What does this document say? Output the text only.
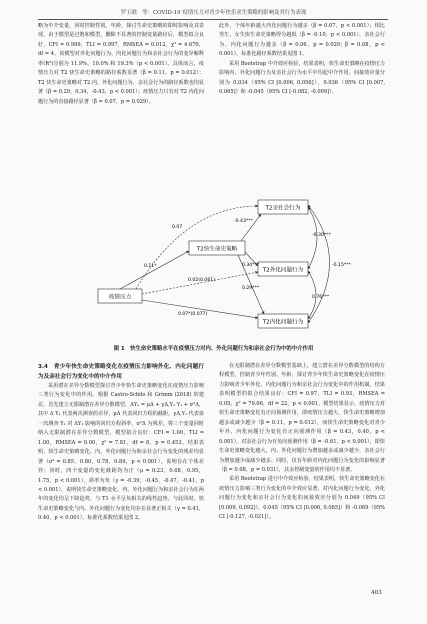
罗玉晗　等：COVID-19 疫情压力对青少年快乐求生策略的影响及其行为表现

略为中介变量，同时控制性别、年龄，探讨生命史策略的即时影响及其表现。由于模型是过饱和模型，删除不显著的控制变量路径后，模型拟合良好，CFI = 0.999，TLI = 0.997，RMSEA = 0.012，χ² = 4.670，df = 4，该模型对外化问题行为、内化问题行为和亲社会行为的变异解释率(R²)分别为 11.9%、10.0% 和 19.3%（p < 0.001）。具体而言，疫情压力对 T2 快生命史策略的路径系数显著（β = 0.11，p = 0.012）；T2 快生命史策略对 T2 内、外化问题行为、亲社会行为的路径系数也均显著（β = 0.29，0.34，-0.43，p < 0.001）；疫情压力只有对 T2 内化问题行为的直接路径显著（β = 0.07，p = 0.029）。

此外，个体年龄越大内化问题行为越多（β = 0.07，p < 0.001）；相比男生，女生快生命史策略得分越低（β = -0.10，p < 0.001），亲社会行为、内化问题行为越多（β = 0.06，p = 0.029；β = 0.08，p < 0.001），标准化路径系数结果见图 1。

采用 Bootstrap 中介效应检验，结果表明，快生命史策略在疫情压力影响内、外化问题行为及亲社会行为水平中均起中介作用，间接效应量分别为 0.034（95% CI [0.006, 0.056]），0.036（95% CI [0.007, 0.065]）和 -0.045（95% CI [-0.082, -0.009]）。

疫情压力
T2快生命史策略
T2亲社会行为
T2外化问题行为
T2内化问题行为
0.11*
-0.43***
0.34***
0.29***
0.07*(0.077)
0.02(0.061)
0.07
-0.30***
0.76***
-0.15***
图 1　快生命史策略水平在疫情压力对内、外化问题行为和亲社会行为中的中介作用

3.4　青少年快生命史策略变化在疫情压力影响外化、内化问题行为及亲社会行为变化中的中介作用

采用潜在差异分数模型探讨青少年快生命史策略变化在疫情压力影响三类行为变化中的作用。根据 Castro-Schilo 和 Grimm (2018) 的建议，首先建立无限制潜在差异分数模型，ΔY₁ = μΔ + γΔ,Y₁ Y₁ + σ²Δ，其中 Δ Y₁ 代表两次测查的差异，μΔ 代表回归方程的截距，γΔ,Y₁ 代表第一次测查 Y₁ 对 ΔY₁ 影响的回归方程斜率，σ²Δ 为残差。将三个变量同时纳入无限制潜在差异分数模型，模型拟合良好：CFI = 1.00，TLI = 1.00，RMSEA = 0.00，χ² = 7.81，df = 8，p = 0.453。结果表明，快生命史策略变化、内、外化问题行为和亲社会行为变化的残差均显著（σ² = 0.85，0.80，0.78，0.84，p < 0.001），说明存在个体差异；同时，四个变量的变化截距均为正（μ = 0.23，0.68，0.95，1.75，p < 0.001），斜率为负（γ = -0.39，-0.45，-0.47，-0.41，p < 0.001），说明快生命史策略变化、内、外化问题行为和亲社会行为在两年的变化均呈下降趋势，与 T1 水平呈负相关的线性趋势。与此同时，快生命史策略变化与内、外化问题行为变化均存在显著正相关（γ = 0.41，0.40，p < 0.001），标准化系数结果见图 2。

在无限制潜在差异分数模型基础上，建立潜在差异分数模型的结构方程模型，控制青少年性别、年龄，探讨青少年快生命史策略变化在疫情压力影响青少年外化、内化问题行为和亲社会行为变化中的作用机制。结果表明模型的拟合结果良好：CFI = 0.97，TLI = 0.93，RMSEA = 0.05，χ² = 79.66，df = 22，p < 0.001。模型结果显示，疫情压力对快生命史策略变化有正向预测作用，即疫情压力越大，快生命史策略增加越多或减少越少（β = 0.11，p = 0.012），而快生命史策略变化对青少年外、内化问题行为变化有正向预测作用（β = 0.43，0.40，p < 0.001），对亲社会行为有负向预测作用（β = -0.61，p < 0.001），即快生命史策略变化越大，内、外化问题行为增加越多或减少越少，亲社会行为增加越少或减少越多。同时，仅有年龄对内化问题行为变化的影响显著（β = 0.08，p = 0.031），其余控制变量的作用均不显著。

采用 Bootstrap 进行中介效应检验，结果表明，快生命史策略变化在疫情压力影响三类行为变化的中介效应显著，对内化问题行为变化、外化问题行为变化和亲社会行为变化的间接效应分别为 0.049（95% CI [0.009, 0.092]），0.045（95% CI [0.006, 0.085]）和 -0.069（95% CI [-0.127, -0.021]）。

403
